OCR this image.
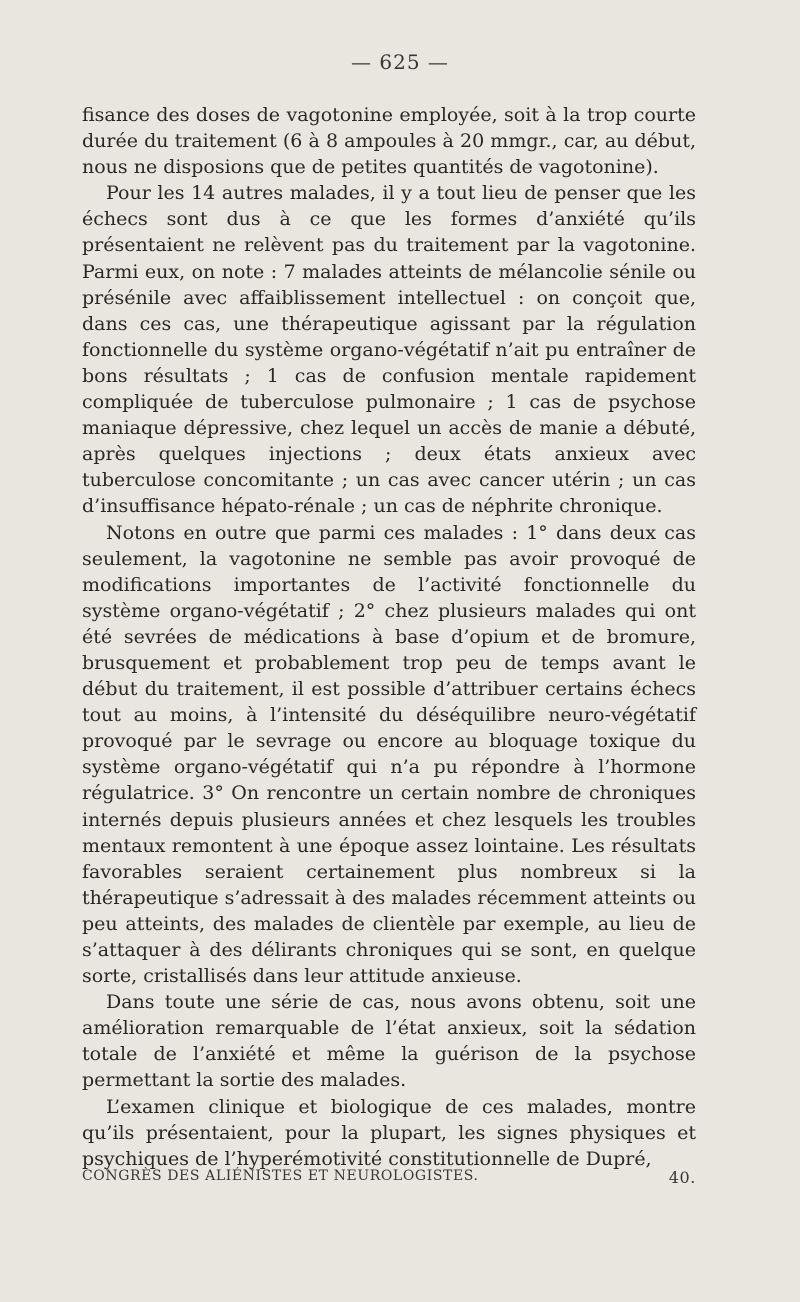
— 625 —

fisance des doses de vagotonine employée, soit à la trop courte durée du traitement (6 à 8 ampoules à 20 mmgr., car, au début, nous ne disposions que de petites quantités de vagotonine).

Pour les 14 autres malades, il y a tout lieu de penser que les échecs sont dus à ce que les formes d’anxiété qu’ils présentaient ne relèvent pas du traitement par la vagotonine. Parmi eux, on note : 7 malades atteints de mélancolie sénile ou présénile avec affaiblissement intellectuel : on conçoit que, dans ces cas, une thérapeutique agissant par la régulation fonctionnelle du système organo-végétatif n’ait pu entraîner de bons résultats ; 1 cas de confusion mentale rapidement compliquée de tuberculose pulmonaire ; 1 cas de psychose maniaque dépressive, chez lequel un accès de manie a débuté, après quelques injections ; deux états anxieux avec tuberculose concomitante ; un cas avec cancer utérin ; un cas d’insuffisance hépato-rénale ; un cas de néphrite chronique.

Notons en outre que parmi ces malades : 1° dans deux cas seulement, la vagotonine ne semble pas avoir provoqué de modifications importantes de l’activité fonctionnelle du système organo-végétatif ; 2° chez plusieurs malades qui ont été sevrées de médications à base d’opium et de bromure, brusquement et probablement trop peu de temps avant le début du traitement, il est possible d’attribuer certains échecs tout au moins, à l’intensité du déséquilibre neuro-végétatif provoqué par le sevrage ou encore au bloquage toxique du système organo-végétatif qui n’a pu répondre à l’hormone régulatrice. 3° On rencontre un certain nombre de chroniques internés depuis plusieurs années et chez lesquels les troubles mentaux remontent à une époque assez lointaine. Les résultats favorables seraient certainement plus nombreux si la thérapeutique s’adressait à des malades récemment atteints ou peu atteints, des malades de clientèle par exemple, au lieu de s’attaquer à des délirants chroniques qui se sont, en quelque sorte, cristallisés dans leur attitude anxieuse.

Dans toute une série de cas, nous avons obtenu, soit une amélioration remarquable de l’état anxieux, soit la sédation totale de l’anxiété et même la guérison de la psychose permettant la sortie des malades.

L’examen clinique et biologique de ces malades, montre qu’ils présentaient, pour la plupart, les signes physiques et psychiques de l’hyperémotivité constitutionnelle de Dupré,

CONGRÈS DES ALIÉNISTES ET NEUROLOGISTES.	40.
